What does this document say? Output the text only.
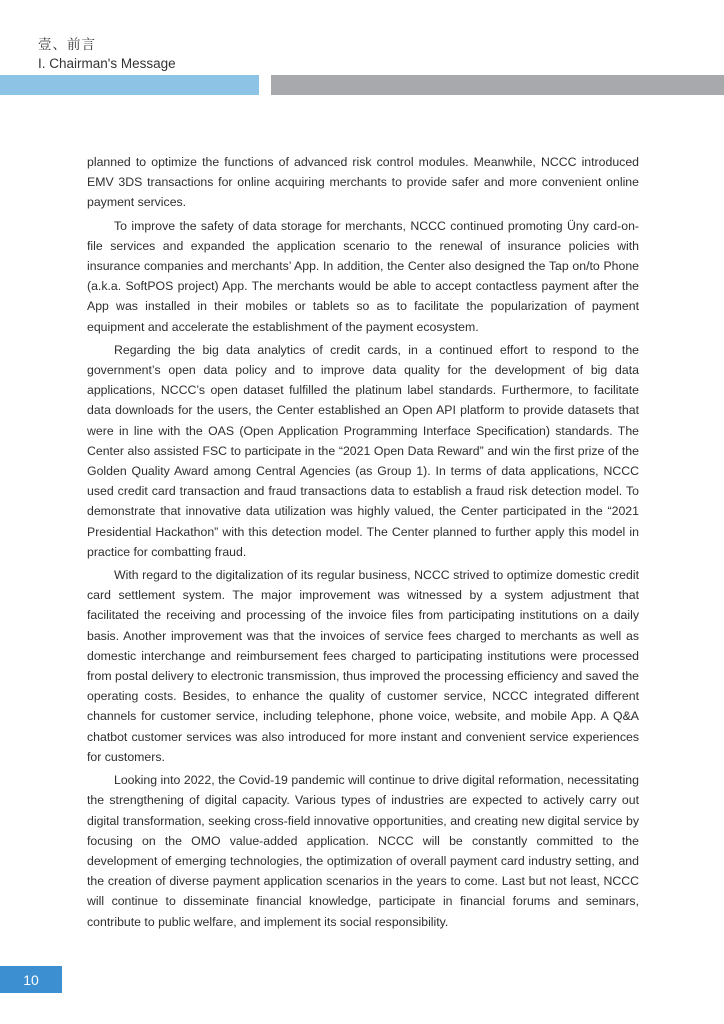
壹、前言
I. Chairman's Message

planned to optimize the functions of advanced risk control modules. Meanwhile, NCCC introduced EMV 3DS transactions for online acquiring merchants to provide safer and more convenient online payment services.

To improve the safety of data storage for merchants, NCCC continued promoting Üny card-on-file services and expanded the application scenario to the renewal of insurance policies with insurance companies and merchants’ App. In addition, the Center also designed the Tap on/to Phone (a.k.a. SoftPOS project) App. The merchants would be able to accept contactless payment after the App was installed in their mobiles or tablets so as to facilitate the popularization of payment equipment and accelerate the establishment of the payment ecosystem.

Regarding the big data analytics of credit cards, in a continued effort to respond to the government’s open data policy and to improve data quality for the development of big data applications, NCCC’s open dataset fulfilled the platinum label standards. Furthermore, to facilitate data downloads for the users, the Center established an Open API platform to provide datasets that were in line with the OAS (Open Application Programming Interface Specification) standards. The Center also assisted FSC to participate in the “2021 Open Data Reward” and win the first prize of the Golden Quality Award among Central Agencies (as Group 1). In terms of data applications, NCCC used credit card transaction and fraud transactions data to establish a fraud risk detection model. To demonstrate that innovative data utilization was highly valued, the Center participated in the “2021 Presidential Hackathon” with this detection model. The Center planned to further apply this model in practice for combatting fraud.

With regard to the digitalization of its regular business, NCCC strived to optimize domestic credit card settlement system. The major improvement was witnessed by a system adjustment that facilitated the receiving and processing of the invoice files from participating institutions on a daily basis. Another improvement was that the invoices of service fees charged to merchants as well as domestic interchange and reimbursement fees charged to participating institutions were processed from postal delivery to electronic transmission, thus improved the processing efficiency and saved the operating costs. Besides, to enhance the quality of customer service, NCCC integrated different channels for customer service, including telephone, phone voice, website, and mobile App. A Q&A chatbot customer services was also introduced for more instant and convenient service experiences for customers.

Looking into 2022, the Covid-19 pandemic will continue to drive digital reformation, necessitating the strengthening of digital capacity. Various types of industries are expected to actively carry out digital transformation, seeking cross-field innovative opportunities, and creating new digital service by focusing on the OMO value-added application. NCCC will be constantly committed to the development of emerging technologies, the optimization of overall payment card industry setting, and the creation of diverse payment application scenarios in the years to come. Last but not least, NCCC will continue to disseminate financial knowledge, participate in financial forums and seminars, contribute to public welfare, and implement its social responsibility.

10
